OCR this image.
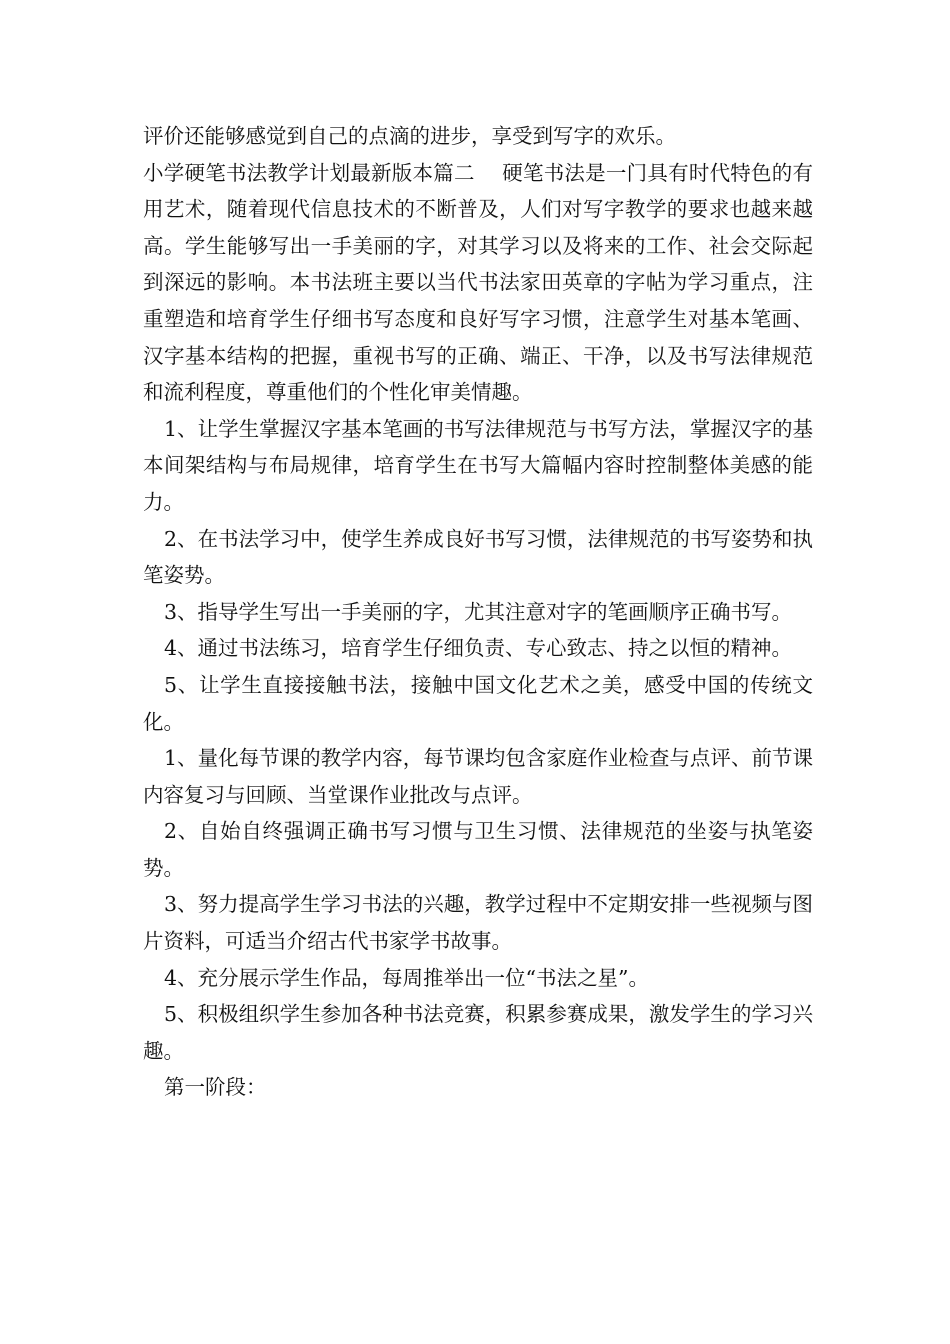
评价还能够感觉到自己的点滴的进步，享受到写字的欢乐。

小学硬笔书法教学计划最新版本篇二　 硬笔书法是一门具有时代特色的有用艺术，随着现代信息技术的不断普及，人们对写字教学的要求也越来越高。学生能够写出一手美丽的字，对其学习以及将来的工作、社会交际起到深远的影响。本书法班主要以当代书法家田英章的字帖为学习重点，注重塑造和培育学生仔细书写态度和良好写字习惯，注意学生对基本笔画、汉字基本结构的把握，重视书写的正确、端正、干净，以及书写法律规范和流利程度，尊重他们的个性化审美情趣。

1、让学生掌握汉字基本笔画的书写法律规范与书写方法，掌握汉字的基本间架结构与布局规律，培育学生在书写大篇幅内容时控制整体美感的能力。

2、在书法学习中，使学生养成良好书写习惯，法律规范的书写姿势和执笔姿势。

3、指导学生写出一手美丽的字，尤其注意对字的笔画顺序正确书写。

4、通过书法练习，培育学生仔细负责、专心致志、持之以恒的精神。

5、让学生直接接触书法，接触中国文化艺术之美，感受中国的传统文化。

1、量化每节课的教学内容，每节课均包含家庭作业检查与点评、前节课内容复习与回顾、当堂课作业批改与点评。

2、自始自终强调正确书写习惯与卫生习惯、法律规范的坐姿与执笔姿势。

3、努力提高学生学习书法的兴趣，教学过程中不定期安排一些视频与图片资料，可适当介绍古代书家学书故事。

4、充分展示学生作品，每周推举出一位“书法之星”。

5、积极组织学生参加各种书法竞赛，积累参赛成果，激发学生的学习兴趣。

第一阶段：
